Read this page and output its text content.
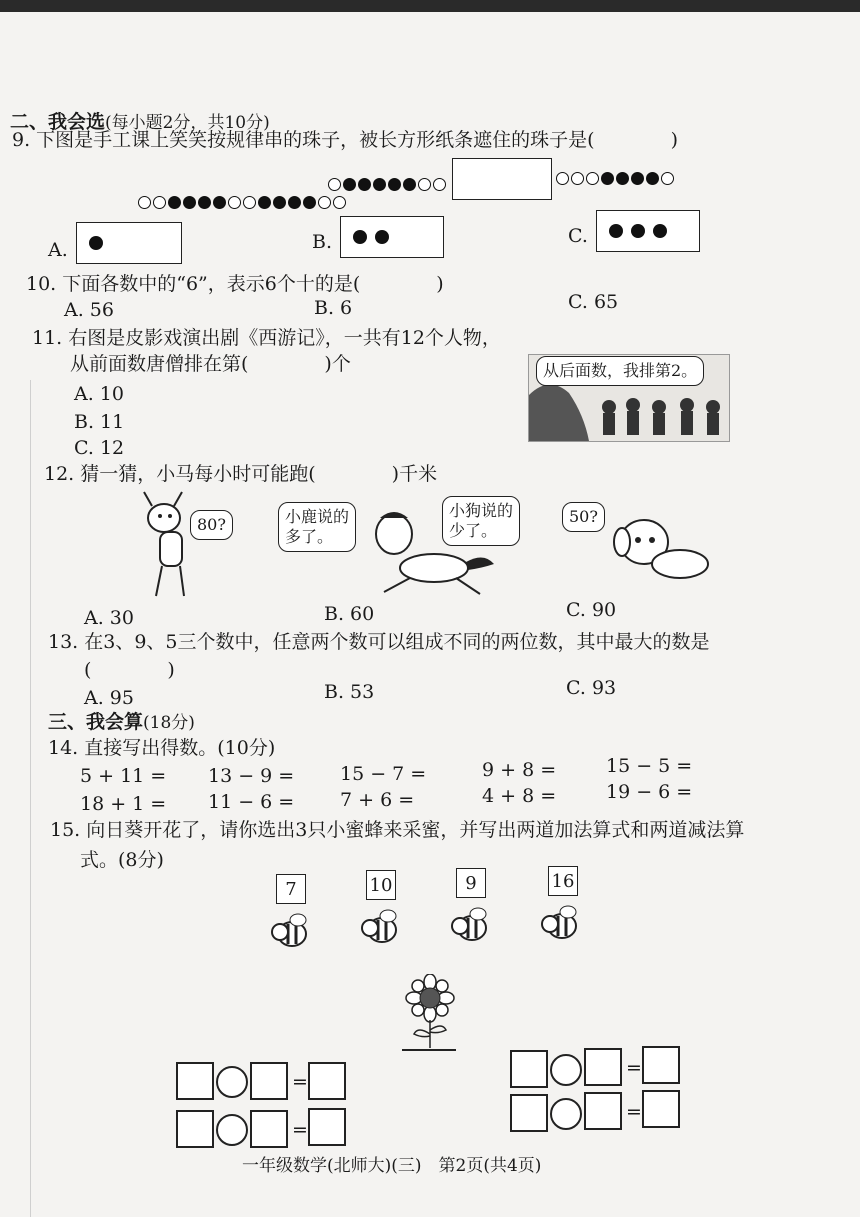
二、我会选(每小题2分，共10分)
9. 下图是手工课上笑笑按规律串的珠子，被长方形纸条遮住的珠子是(　　　　)
A.	B.	C.
10. 下面各数中的“6”，表示6个十的是(　　　　)
A. 56	B. 6	C. 65
11. 右图是皮影戏演出剧《西游记》，一共有12个人物，
从前面数唐僧排在第(　　　　)个
A. 10
B. 11
C. 12
从后面数，我排第2。
12. 猜一猜，小马每小时可能跑(　　　　)千米
80?	小鹿说的
多了。
小狗说的
少了。
50?
A. 30	B. 60	C. 90
13. 在3、9、5三个数中，任意两个数可以组成不同的两位数，其中最大的数是
(　　　　)
A. 95	B. 53	C. 93
三、我会算(18分)
14. 直接写出得数。(10分)
5 + 11 = 13 − 9 = 15 − 7 =	9 + 8 =	15 − 5 =
18 + 1 = 11 − 6 = 7 + 6 =	4 + 8 =	19 − 6 =
15. 向日葵开花了，请你选出3只小蜜蜂来采蜜，并写出两道加法算式和两道减法算
式。(8分)
7	10	9	16
=
=
=
=
一年级数学(北师大)(三)　第2页(共4页)
